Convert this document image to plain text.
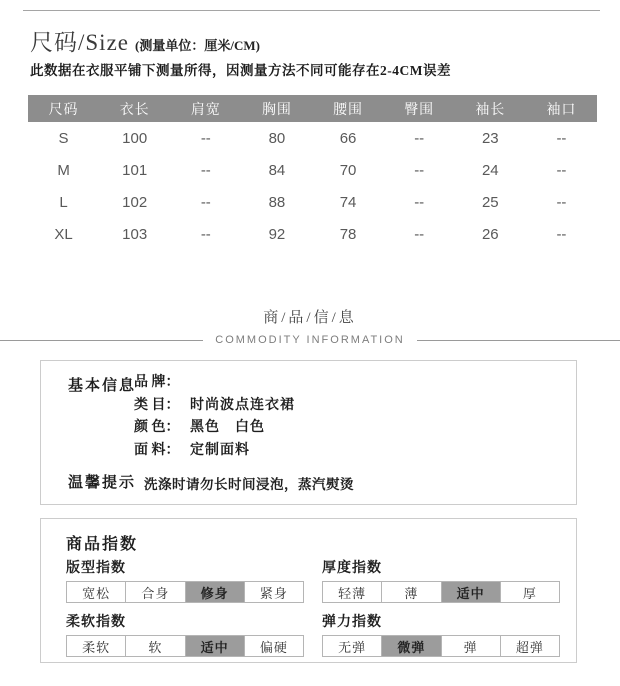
尺码/Size (测量单位：厘米/CM)
此数据在衣服平铺下测量所得，因测量方法不同可能存在2-4CM误差
尺码	衣长	肩宽	胸围	腰围	臀围	袖长	袖口
S	100	--	80	66	--	23	--
M	101	--	84	70	--	24	--
L	102	--	88	74	--	25	--
XL	103	--	92	78	--	26	--
商/品/信/息
COMMODITY INFORMATION
基本信息
品 牌：
类 目： 时尚波点连衣裙
颜 色： 黑色　白色
面 料： 定制面料
温馨提示 洗涤时请勿长时间浸泡，蒸汽熨烫
商品指数
版型指数
宽松	合身	修身	紧身
厚度指数
轻薄	薄	适中	厚
柔软指数
柔软	软	适中	偏硬
弹力指数
无弹	微弹	弹	超弹
